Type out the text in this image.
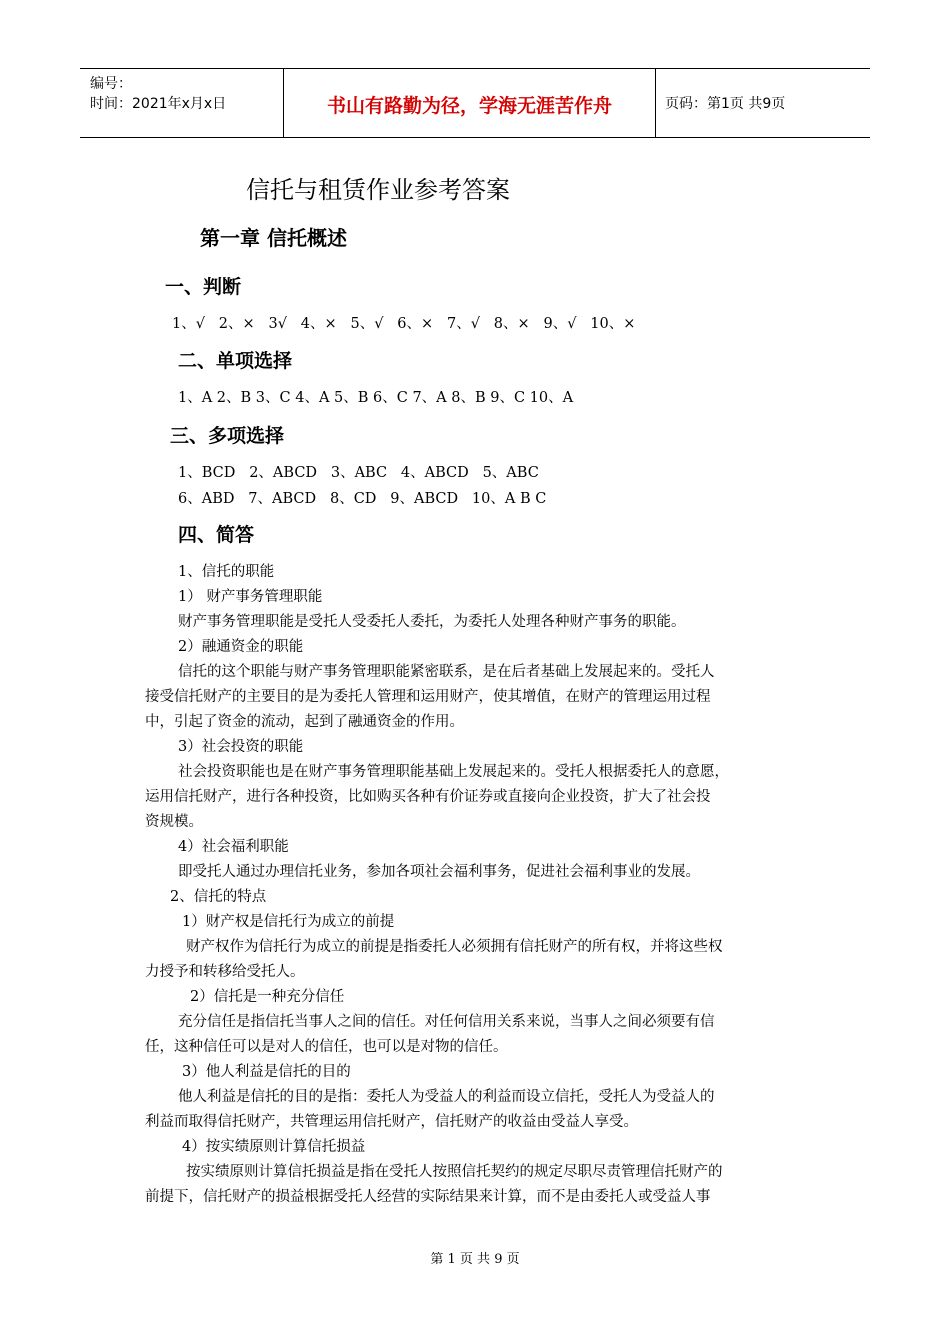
编号：
时间：2021年x月x日	书山有路勤为径，学海无涯苦作舟	页码：第1页 共9页
信托与租赁作业参考答案
第一章 信托概述
一、判断
1、√   2、×   3√   4、×   5、√   6、×   7、√   8、×   9、√   10、×
二、单项选择
1、A 2、B 3、C 4、A 5、B 6、C 7、A 8、B 9、C 10、A
三、多项选择
1、BCD   2、ABCD   3、ABC   4、ABCD   5、ABC
6、ABD   7、ABCD   8、CD   9、ABCD   10、A B C
四、简答
1、信托的职能
1） 财产事务管理职能
财产事务管理职能是受托人受委托人委托，为委托人处理各种财产事务的职能。
2）融通资金的职能
信托的这个职能与财产事务管理职能紧密联系，是在后者基础上发展起来的。受托人
接受信托财产的主要目的是为委托人管理和运用财产，使其增值，在财产的管理运用过程
中，引起了资金的流动，起到了融通资金的作用。
3）社会投资的职能
社会投资职能也是在财产事务管理职能基础上发展起来的。受托人根据委托人的意愿，
运用信托财产，进行各种投资，比如购买各种有价证券或直接向企业投资，扩大了社会投
资规模。
4）社会福利职能
即受托人通过办理信托业务，参加各项社会福利事务，促进社会福利事业的发展。
2、信托的特点
1）财产权是信托行为成立的前提
财产权作为信托行为成立的前提是指委托人必须拥有信托财产的所有权，并将这些权
力授予和转移给受托人。
2）信托是一种充分信任
充分信任是指信托当事人之间的信任。对任何信用关系来说，当事人之间必须要有信
任，这种信任可以是对人的信任，也可以是对物的信任。
3）他人利益是信托的目的
他人利益是信托的目的是指：委托人为受益人的利益而设立信托，受托人为受益人的
利益而取得信托财产，共管理运用信托财产，信托财产的收益由受益人享受。
4）按实绩原则计算信托损益
按实绩原则计算信托损益是指在受托人按照信托契约的规定尽职尽责管理信托财产的
前提下，信托财产的损益根据受托人经营的实际结果来计算，而不是由委托人或受益人事
第 1 页 共 9 页
